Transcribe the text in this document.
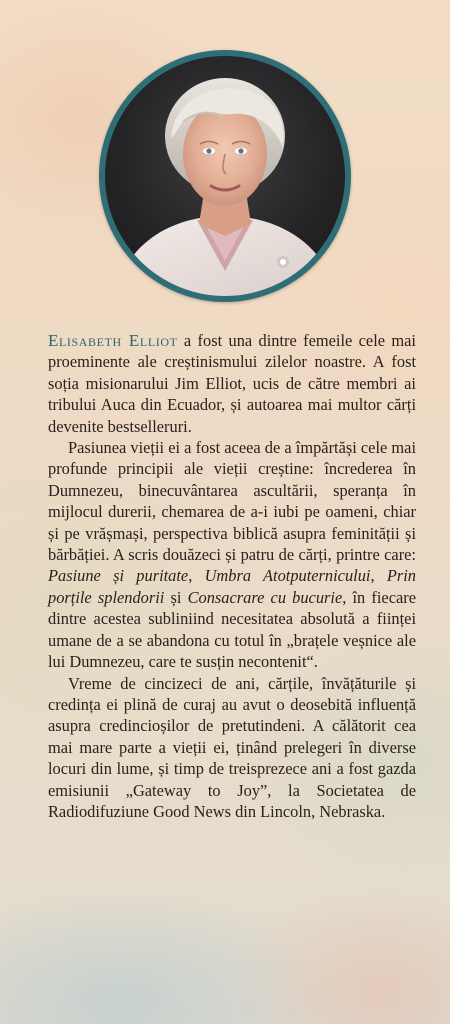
Elisabeth Elliot a fost una dintre femeile cele mai proeminente ale creștinismului zilelor noastre. A fost soția misionarului Jim Elliot, ucis de către membri ai tribului Auca din Ecuador, și autoarea mai multor cărți devenite bestselleruri.

Pasiunea vieții ei a fost aceea de a împărtăși cele mai profunde principii ale vieții creștine: încrederea în Dumnezeu, binecuvântarea ascultării, speranța în mijlocul durerii, chemarea de a-i iubi pe oameni, chiar și pe vrășmași, perspectiva biblică asupra feminității și bărbăției. A scris douăzeci și patru de cărți, printre care: Pasiune și puritate, Umbra Atotputernicului, Prin porțile splendorii și Consacrare cu bucurie, în fiecare dintre acestea subliniind necesitatea absolută a ființei umane de a se abandona cu totul în „brațele veșnice ale lui Dumnezeu, care te susțin necontenit“.

Vreme de cincizeci de ani, cărțile, învățăturile și credința ei plină de curaj au avut o deosebită influență asupra credincioșilor de pretutindeni. A călătorit cea mai mare parte a vieții ei, ținând prelegeri în diverse locuri din lume, și timp de treisprezece ani a fost gazda emisiunii „Gateway to Joy”, la Societatea de Radiodifuziune Good News din Lincoln, Nebraska.
